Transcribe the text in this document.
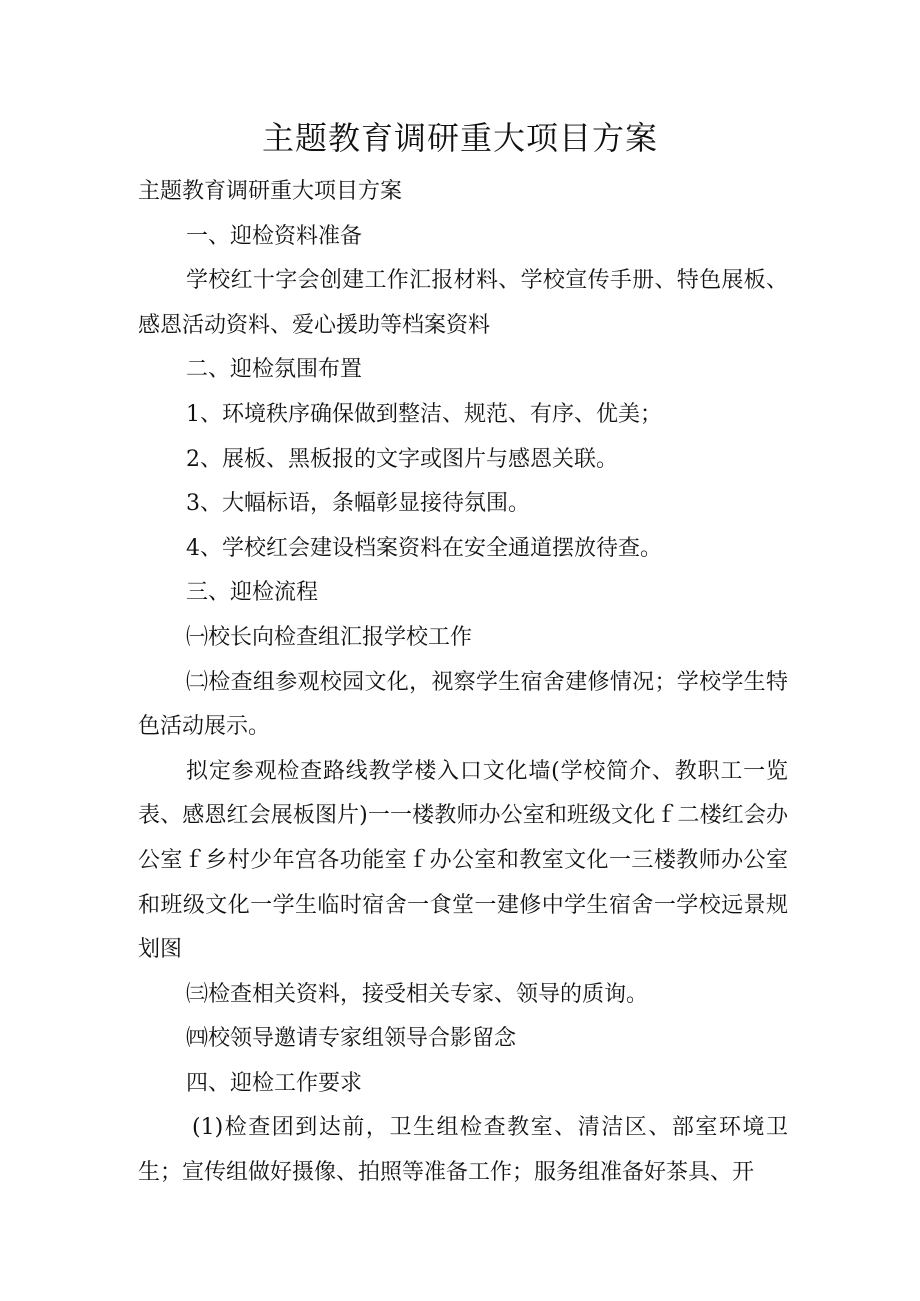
主题教育调研重大项目方案

主题教育调研重大项目方案

一、迎检资料准备

学校红十字会创建工作汇报材料、学校宣传手册、特色展板、感恩活动资料、爱心援助等档案资料

二、迎检氛围布置

1、环境秩序确保做到整洁、规范、有序、优美；

2、展板、黑板报的文字或图片与感恩关联。

3、大幅标语，条幅彰显接待氛围。

4、学校红会建设档案资料在安全通道摆放待查。

三、迎检流程

㈠校长向检查组汇报学校工作

㈡检查组参观校园文化，视察学生宿舍建修情况；学校学生特色活动展示。

拟定参观检查路线教学楼入口文化墙(学校简介、教职工一览表、感恩红会展板图片)一一楼教师办公室和班级文化ｆ二楼红会办公室ｆ乡村少年宫各功能室ｆ办公室和教室文化一三楼教师办公室和班级文化一学生临时宿舍一食堂一建修中学生宿舍一学校远景规划图

㈢检查相关资料，接受相关专家、领导的质询。

㈣校领导邀请专家组领导合影留念

四、迎检工作要求

(1)检查团到达前，卫生组检查教室、清洁区、部室环境卫生；宣传组做好摄像、拍照等准备工作；服务组准备好茶具、开
